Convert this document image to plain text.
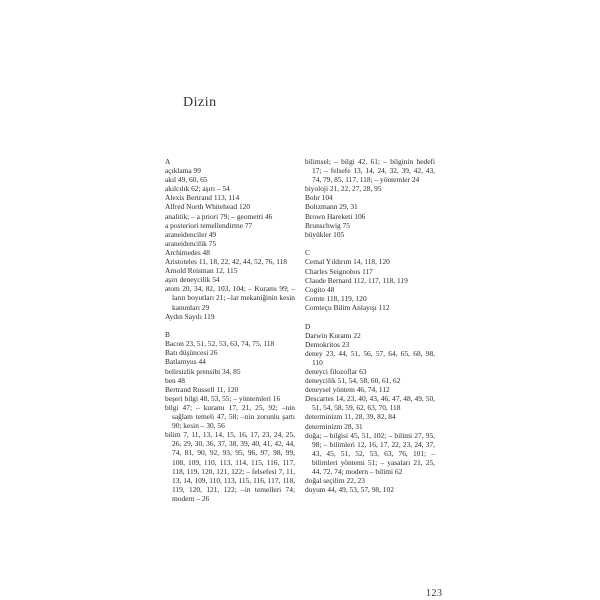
Dizin
A
açıklama 99
akıl 49, 60, 65
akılcılık 62; aşırı – 54
Alexis Bertrand 113, 114
Alfred North Whitehead 120
analitik; – a priori 79; – geometri 46
a posteriori temellendirme 77
araneidenciler 49
araneidencilik 75
Archimedes 48
Aristoteles 11, 18, 22, 42, 44, 52, 76, 118
Arnold Reisman 12, 115
aşırı deneycilik 54
atom 20, 34, 82, 103, 104; – Kuramı 99; –ların boyutları 21; –lar mekaniğinin kesin kanunları 29
Aydın Sayılı 119
B
Bacon 23, 51, 52, 53, 63, 74, 75, 118
Batı düşüncesi 26
Batlamyus 44
belirsizlik prensibi 34, 85
ben 48
Bertrand Russell 11, 120
beşeri bilgi 48, 53, 55; – yöntemleri 16
bilgi 47; – kuramı 17, 21, 25, 92; –nin sağlam temeli 47, 58; –nin zorunlu şartı 90; kesin – 30, 56
bilim 7, 11, 13, 14, 15, 16, 17, 23, 24, 25, 26, 29, 30, 36, 37, 38, 39, 40, 41, 42, 44, 74, 81, 90, 92, 93, 95, 96, 97, 98, 99, 108, 109, 110, 113, 114, 115, 116, 117, 118, 119, 120, 121, 122; – felsefesi 7, 11, 13, 14, 109, 110, 113, 115, 116, 117, 118, 119, 120, 121, 122; –in temelleri 74; modern – 26
bilimsel; – bilgi 42, 61; – bilginin hedefi 17; – felsefe 13, 14, 24, 32, 39, 42, 43, 74, 79, 85, 117, 118; – yöntemler 24
biyoloji 21, 22, 27, 28, 95
Bohr 104
Boltzmann 29, 31
Brown Hareketi 106
Brunschwig 75
büyükler 105
C
Cemal Yıldırım 14, 118, 120
Charles Seignobos 117
Claude Bernard 112, 117, 118, 119
Cogito 48
Comte 118, 119, 120
Comteçu Bilim Anlayışı 112
D
Darwin Kuramı 22
Demokritos 23
deney 23, 44, 51, 56, 57, 64, 65, 68, 98, 110
deneyci filozoflar 63
deneycilik 51, 54, 58, 60, 61, 62
deneysel yöntem 46, 74, 112
Descartes 14, 23, 40, 43, 46, 47, 48, 49, 50, 51, 54, 58, 59, 62, 63, 70, 118
determinizm 11, 28, 39, 82, 84
determinizm 28, 31
doğa; – bilgisi 45, 51, 102; – bilimi 27, 95, 98; – bilimleri 12, 16, 17, 22, 23, 24, 37, 43, 45, 51, 52, 53, 63, 76, 101; – bilimleri yöntemi 51; – yasaları 21, 25, 44, 72, 74; modern – bilimi 62
doğal seçilim 22, 23
duyum 44, 49, 53, 57, 98, 102
123
